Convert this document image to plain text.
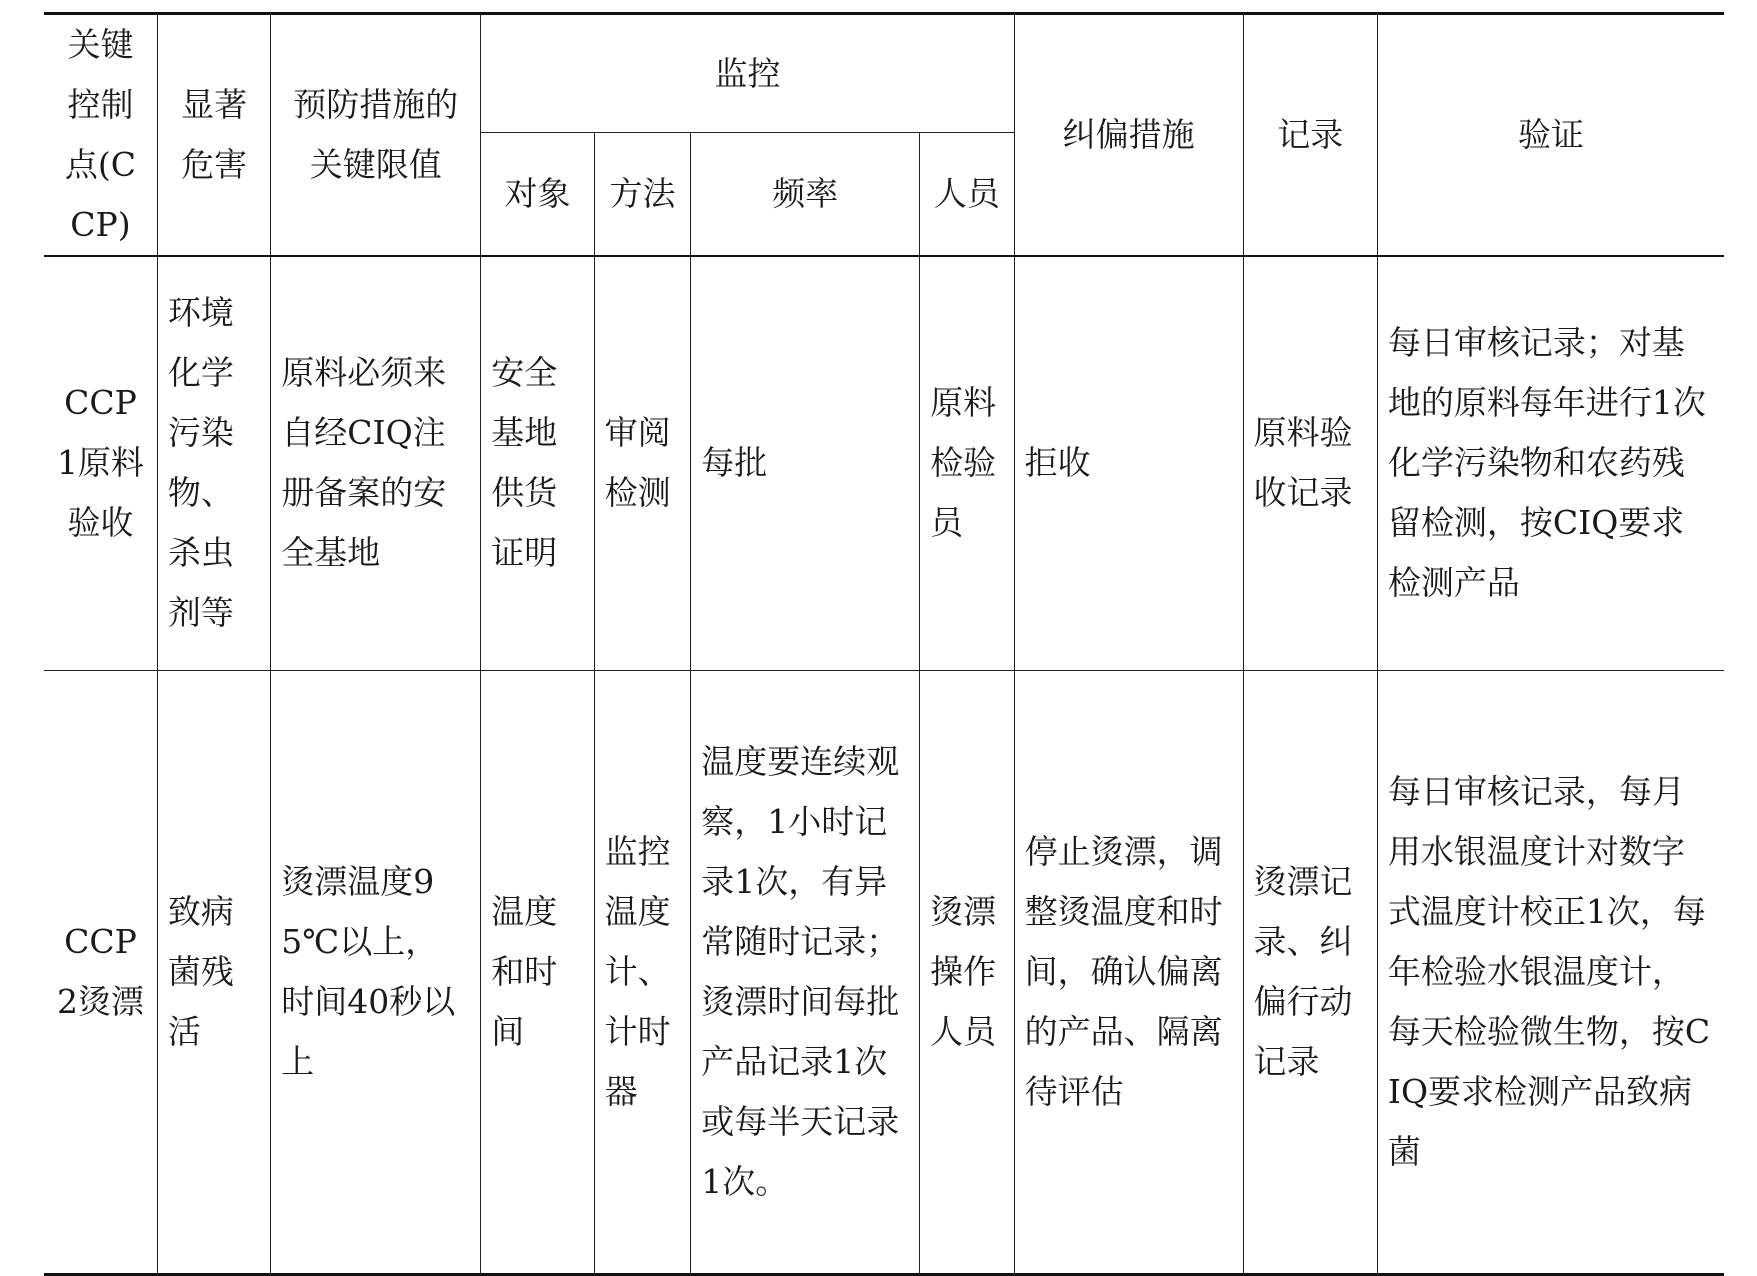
关键控制点(CCP)	显著危害	预防措施的关键限值	监控				纠偏措施	记录	验证
			对象	方法	频率	人员			
CCP1原料验收	环境化学污染物、杀虫剂等	原料必须来自经CIQ注册备案的安全基地	安全基地供货证明	审阅检测	每批	原料检验员	拒收	原料验收记录	每日审核记录；对基地的原料每年进行1次化学污染物和农药残留检测，按CIQ要求检测产品
CCP2烫漂	致病菌残活	烫漂温度95℃以上，时间40秒以上	温度和时间	监控温度计、计时器	温度要连续观察，1小时记录1次，有异常随时记录；烫漂时间每批产品记录1次或每半天记录1次。	烫漂操作人员	停止烫漂，调整烫温度和时间，确认偏离的产品、隔离待评估	烫漂记录、纠偏行动记录	每日审核记录，每月用水银温度计对数字式温度计校正1次，每年检验水银温度计，每天检验微生物，按CIQ要求检测产品致病菌
